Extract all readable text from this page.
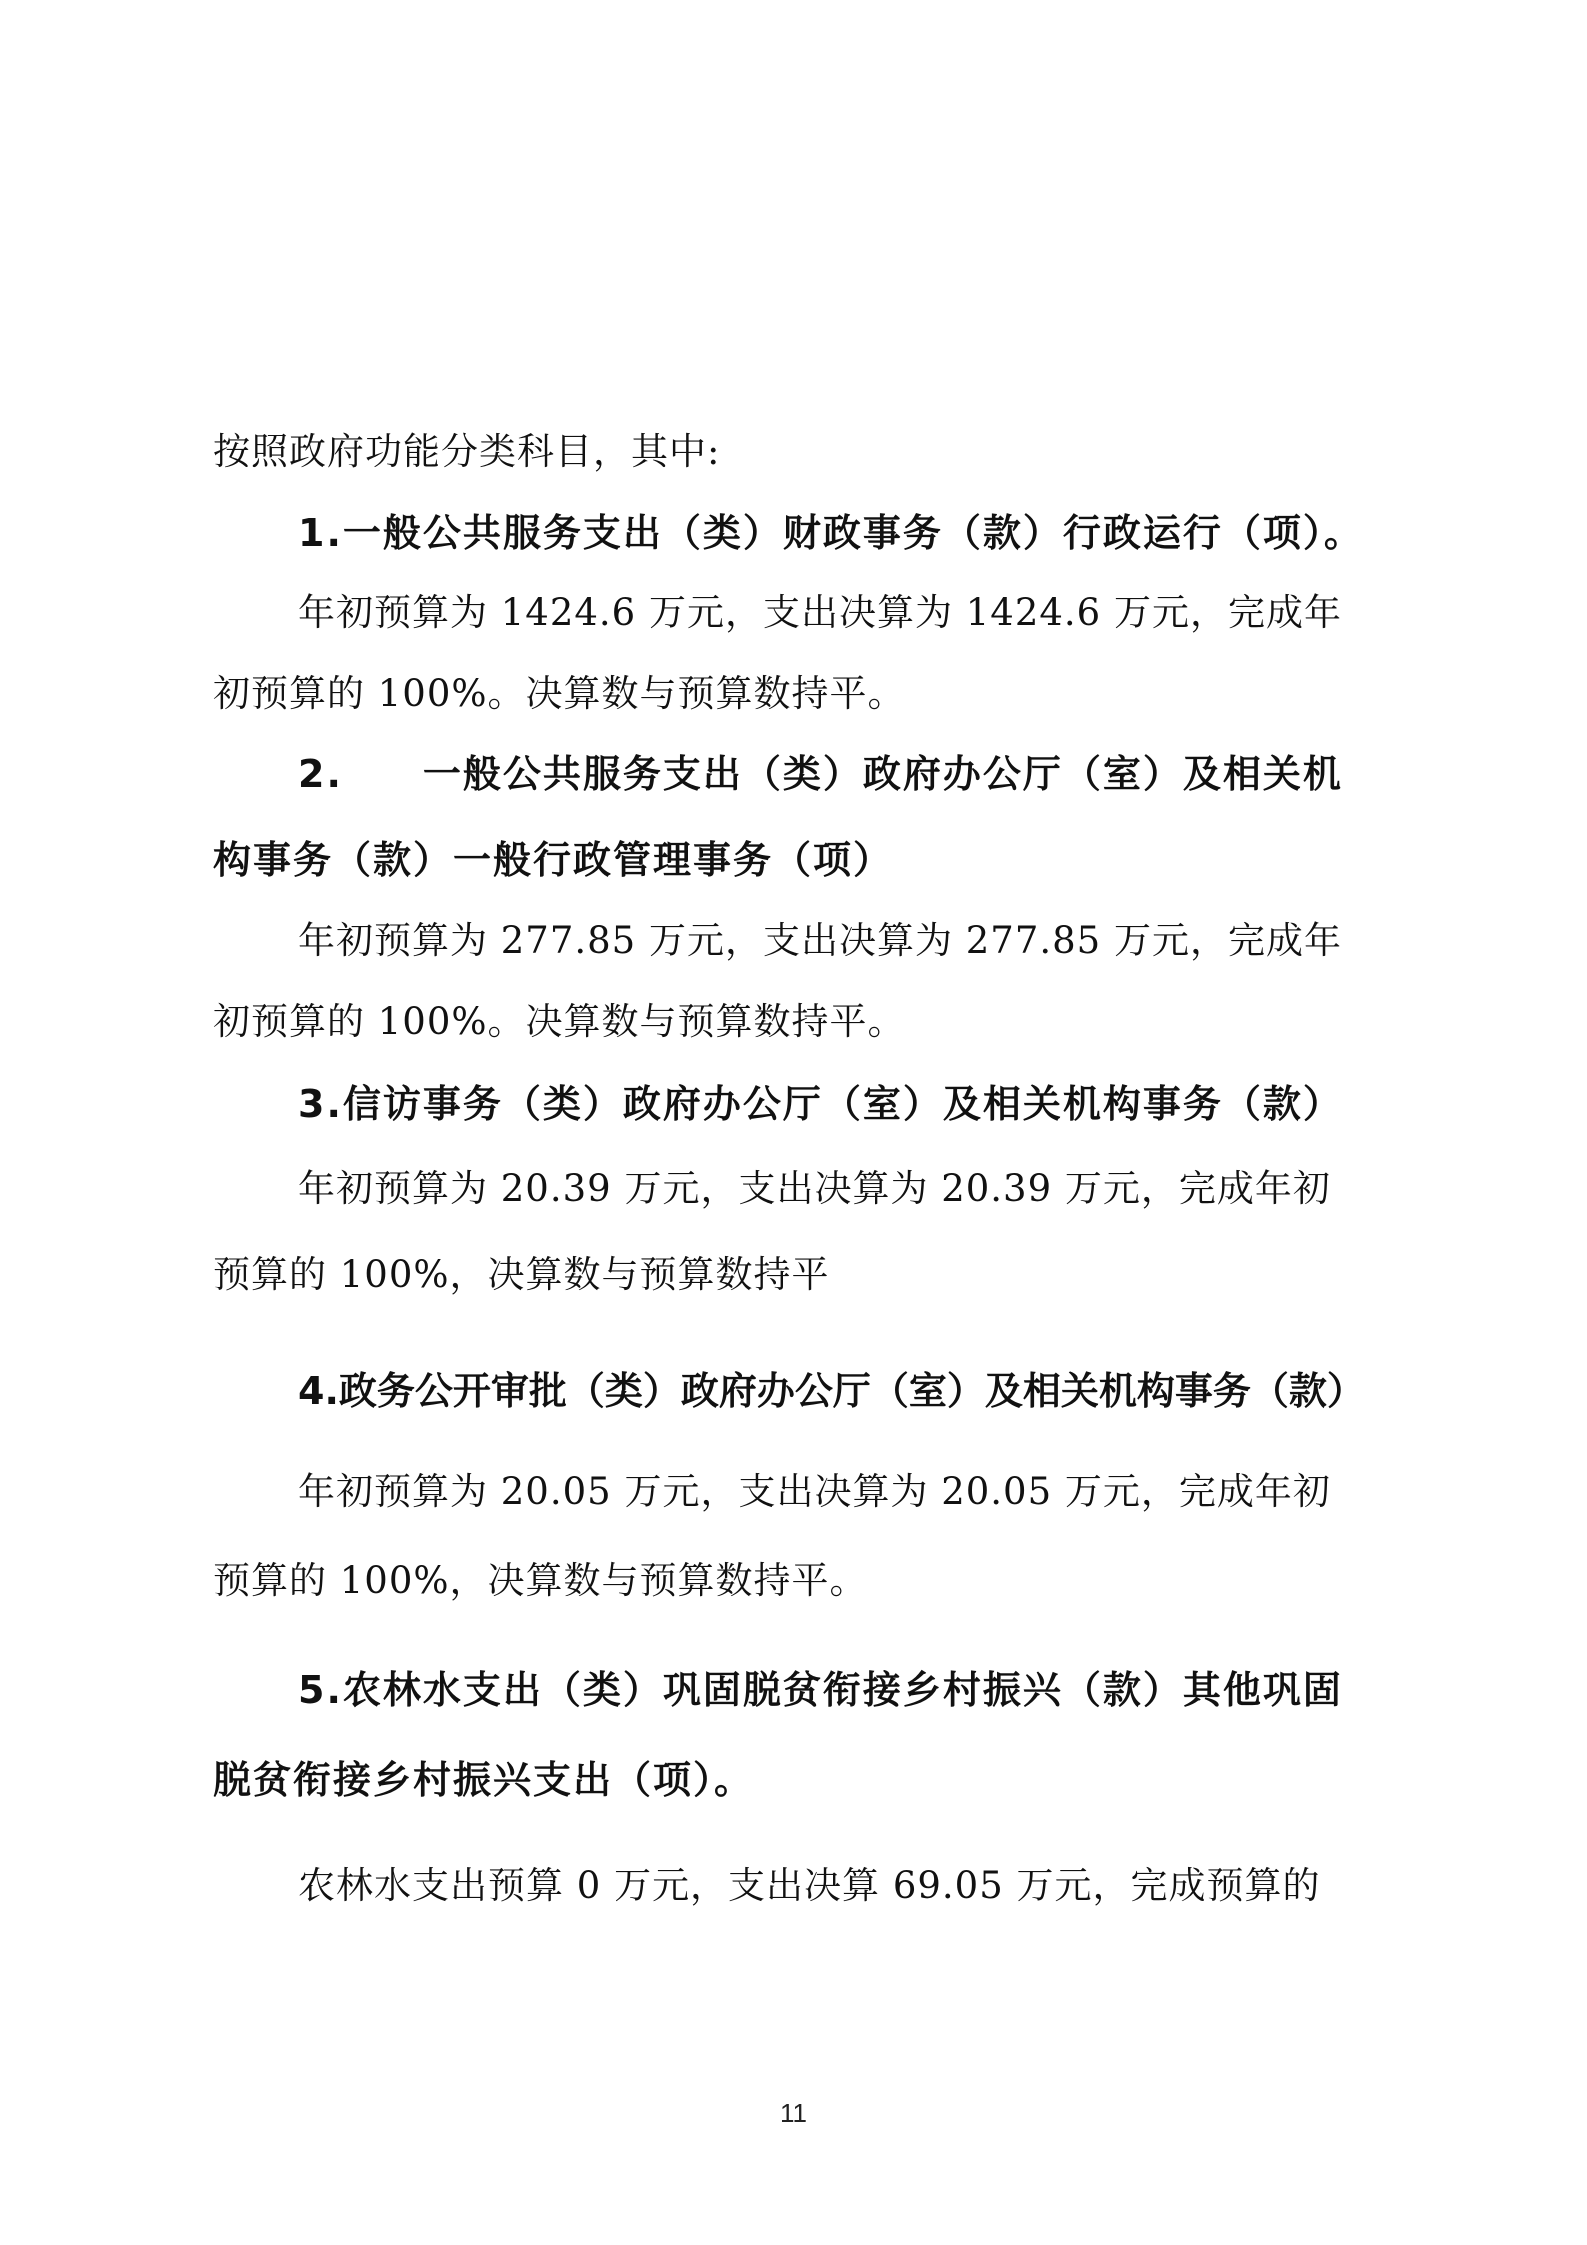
按照政府功能分类科目，其中:
1.一般公共服务支出（类）财政事务（款）行政运行（项）。
年初预算为 1424.6 万元，支出决算为 1424.6 万元，完成年
初预算的 100%。决算数与预算数持平。
2.　　一般公共服务支出（类）政府办公厅（室）及相关机
构事务（款）一般行政管理事务（项）
年初预算为 277.85 万元，支出决算为 277.85 万元，完成年
初预算的 100%。决算数与预算数持平。
3.信访事务（类）政府办公厅（室）及相关机构事务（款）
年初预算为 20.39 万元，支出决算为 20.39 万元，完成年初
预算的 100%，决算数与预算数持平
4.政务公开审批（类）政府办公厅（室）及相关机构事务（款）
年初预算为 20.05 万元，支出决算为 20.05 万元，完成年初
预算的 100%，决算数与预算数持平。
5.农林水支出（类）巩固脱贫衔接乡村振兴（款）其他巩固
脱贫衔接乡村振兴支出（项）。
农林水支出预算 0 万元，支出决算 69.05 万元，完成预算的
11
